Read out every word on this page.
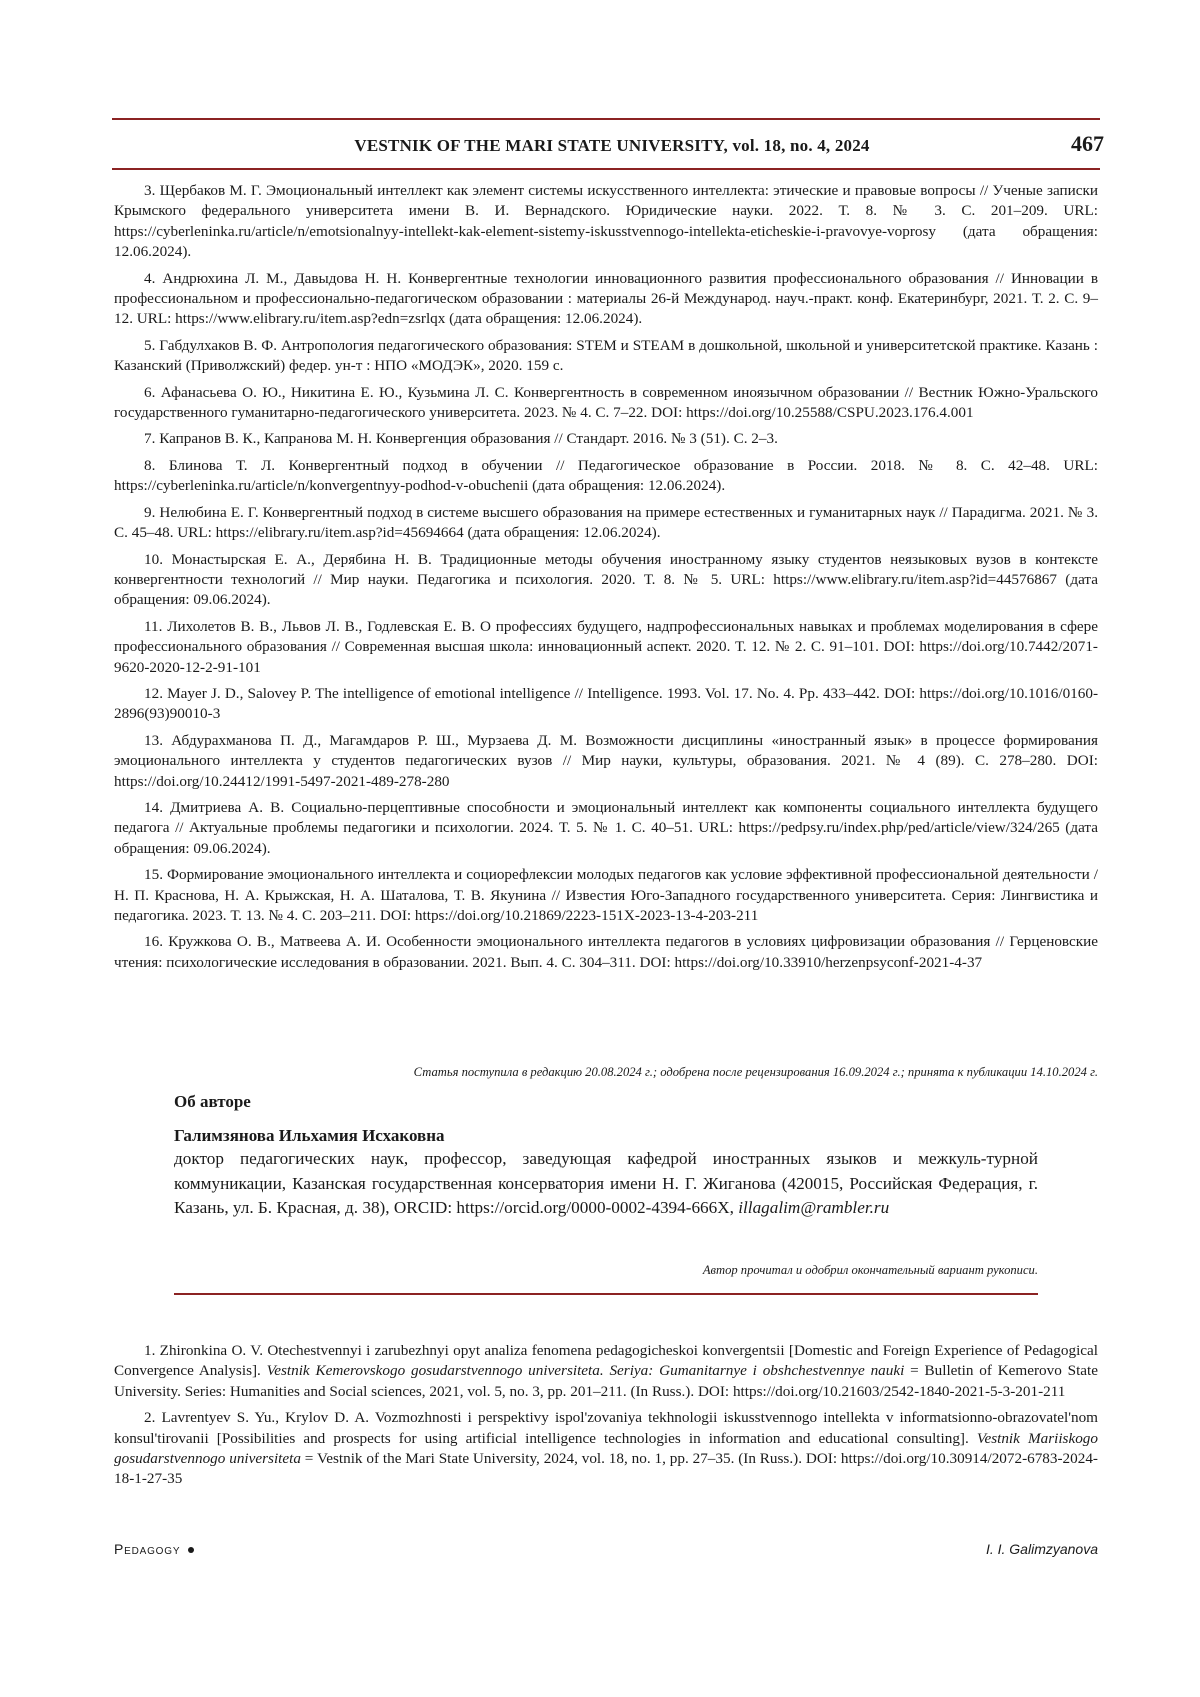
VESTNIK OF THE MARI STATE UNIVERSITY, vol. 18, no. 4, 2024	467

3. Щербаков М. Г. Эмоциональный интеллект как элемент системы искусственного интеллекта: этические и правовые вопросы // Ученые записки Крымского федерального университета имени В. И. Вернадского. Юридические науки. 2022. Т. 8. № 3. С. 201–209. URL: https://cyberleninka.ru/article/n/emotsionalnyy-intellekt-kak-element-sistemy-iskusstvennogo-intellekta-eticheskie-i-pravovye-voprosy (дата обращения: 12.06.2024).

4. Андрюхина Л. М., Давыдова Н. Н. Конвергентные технологии инновационного развития профессионального образования // Инновации в профессиональном и профессионально-педагогическом образовании : материалы 26-й Международ. науч.-практ. конф. Екатеринбург, 2021. Т. 2. С. 9–12. URL: https://www.elibrary.ru/item.asp?edn=zsrlqx (дата обращения: 12.06.2024).

5. Габдулхаков В. Ф. Антропология педагогического образования: STEM и STEAM в дошкольной, школьной и университетской практике. Казань : Казанский (Приволжский) федер. ун-т : НПО «МОДЭК», 2020. 159 с.

6. Афанасьева О. Ю., Никитина Е. Ю., Кузьмина Л. С. Конвергентность в современном иноязычном образовании // Вестник Южно-Уральского государственного гуманитарно-педагогического университета. 2023. № 4. С. 7–22. DOI: https://doi.org/10.25588/CSPU.2023.176.4.001

7. Капранов В. К., Капранова М. Н. Конвергенция образования // Стандарт. 2016. № 3 (51). С. 2–3.

8. Блинова Т. Л. Конвергентный подход в обучении // Педагогическое образование в России. 2018. № 8. С. 42–48. URL: https://cyberleninka.ru/article/n/konvergentnyy-podhod-v-obuchenii (дата обращения: 12.06.2024).

9. Нелюбина Е. Г. Конвергентный подход в системе высшего образования на примере естественных и гуманитарных наук // Парадигма. 2021. № 3. С. 45–48. URL: https://elibrary.ru/item.asp?id=45694664 (дата обращения: 12.06.2024).

10. Монастырская Е. А., Дерябина Н. В. Традиционные методы обучения иностранному языку студентов неязыковых вузов в контексте конвергентности технологий // Мир науки. Педагогика и психология. 2020. Т. 8. № 5. URL: https://www.elibrary.ru/item.asp?id=44576867 (дата обращения: 09.06.2024).

11. Лихолетов В. В., Львов Л. В., Годлевская Е. В. О профессиях будущего, надпрофессиональных навыках и проблемах моделирования в сфере профессионального образования // Современная высшая школа: инновационный аспект. 2020. Т. 12. № 2. С. 91–101. DOI: https://doi.org/10.7442/2071-9620-2020-12-2-91-101

12. Mayer J. D., Salovey P. The intelligence of emotional intelligence // Intelligence. 1993. Vol. 17. No. 4. Pp. 433–442. DOI: https://doi.org/10.1016/0160-2896(93)90010-3

13. Абдурахманова П. Д., Магамдаров Р. Ш., Мурзаева Д. М. Возможности дисциплины «иностранный язык» в процессе формирования эмоционального интеллекта у студентов педагогических вузов // Мир науки, культуры, образования. 2021. № 4 (89). С. 278–280. DOI: https://doi.org/10.24412/1991-5497-2021-489-278-280

14. Дмитриева А. В. Социально-перцептивные способности и эмоциональный интеллект как компоненты социального интеллекта будущего педагога // Актуальные проблемы педагогики и психологии. 2024. Т. 5. № 1. С. 40–51. URL: https://pedpsy.ru/index.php/ped/article/view/324/265 (дата обращения: 09.06.2024).

15. Формирование эмоционального интеллекта и социорефлексии молодых педагогов как условие эффективной профессиональной деятельности / Н. П. Краснова, Н. А. Крыжская, Н. А. Шаталова, Т. В. Якунина // Известия Юго-Западного государственного университета. Серия: Лингвистика и педагогика. 2023. Т. 13. № 4. С. 203–211. DOI: https://doi.org/10.21869/2223-151X-2023-13-4-203-211

16. Кружкова О. В., Матвеева А. И. Особенности эмоционального интеллекта педагогов в условиях цифровизации образования // Герценовские чтения: психологические исследования в образовании. 2021. Вып. 4. С. 304–311. DOI: https://doi.org/10.33910/herzenpsyconf-2021-4-37

Статья поступила в редакцию 20.08.2024 г.; одобрена после рецензирования 16.09.2024 г.; принята к публикации 14.10.2024 г.
Об авторе
Галимзянова Ильхамия Исхаковна
доктор педагогических наук, профессор, заведующая кафедрой иностранных языков и межкуль-турной коммуникации, Казанская государственная консерватория имени Н. Г. Жиганова (420015, Российская Федерация, г. Казань, ул. Б. Красная, д. 38), ORCID: https://orcid.org/0000-0002-4394-666X, illagalim@rambler.ru
Автор прочитал и одобрил окончательный вариант рукописи.

1. Zhironkina O. V. Otechestvennyi i zarubezhnyi opyt analiza fenomena pedagogicheskoi konvergentsii [Domestic and Foreign Experience of Pedagogical Convergence Analysis]. Vestnik Kemerovskogo gosudarstvennogo universiteta. Seriya: Gumanitarnye i obshchestvennye nauki = Bulletin of Kemerovo State University. Series: Humanities and Social sciences, 2021, vol. 5, no. 3, pp. 201–211. (In Russ.). DOI: https://doi.org/10.21603/2542-1840-2021-5-3-201-211

2. Lavrentyev S. Yu., Krylov D. A. Vozmozhnosti i perspektivy ispol'zovaniya tekhnologii iskusstvennogo intellekta v informatsionno-obrazovatel'nom konsul'tirovanii [Possibilities and prospects for using artificial intelligence technologies in information and educational consulting]. Vestnik Mariiskogo gosudarstvennogo universiteta = Vestnik of the Mari State University, 2024, vol. 18, no. 1, pp. 27–35. (In Russ.). DOI: https://doi.org/10.30914/2072-6783-2024-18-1-27-35

Pedagogy	I. I. Galimzyanova
